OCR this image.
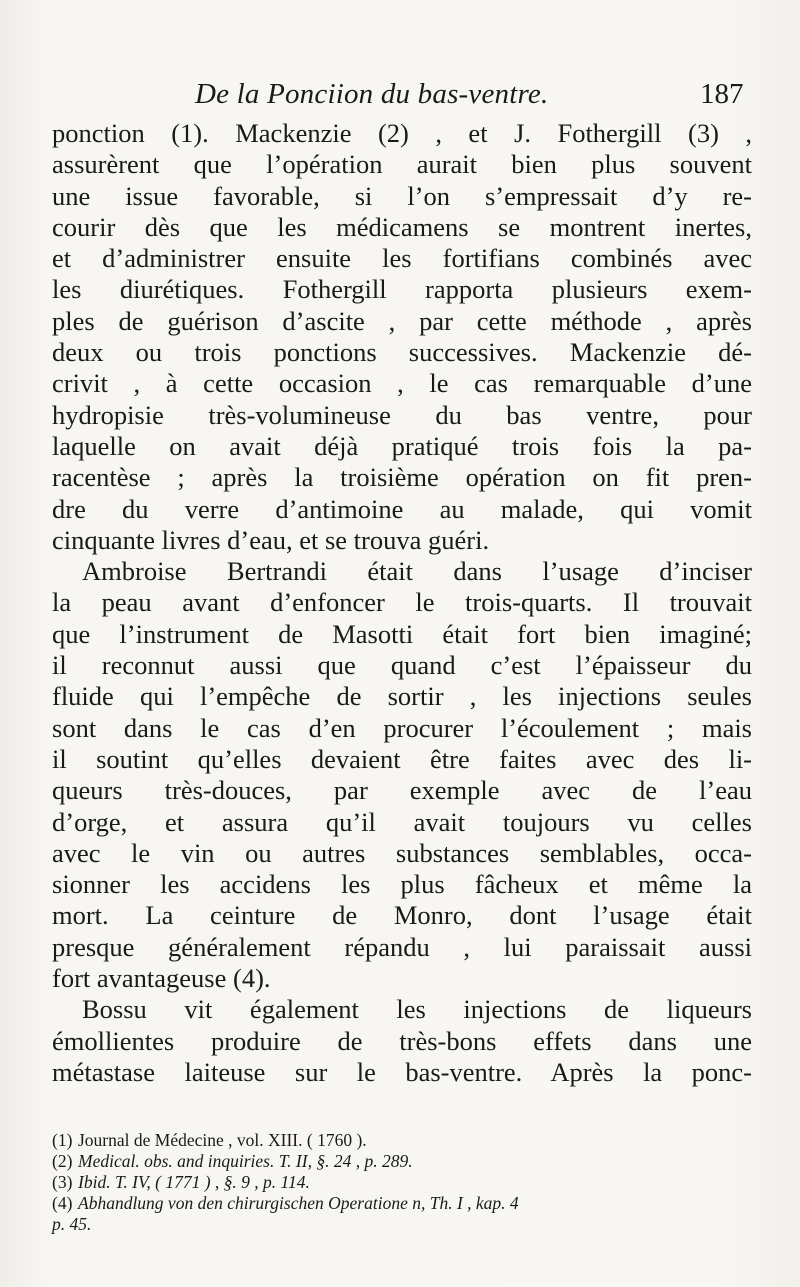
De la Ponciion du bas-ventre.	187
ponction (1). Mackenzie (2) , et J. Fothergill (3) ,
assurèrent que l’opération aurait bien plus souvent
une issue favorable, si l’on s’empressait d’y re-
courir dès que les médicamens se montrent inertes,
et d’administrer ensuite les fortifians combinés avec
les diurétiques. Fothergill rapporta plusieurs exem-
ples de guérison d’ascite , par cette méthode , après
deux ou trois ponctions successives. Mackenzie dé-
crivit , à cette occasion , le cas remarquable d’une
hydropisie très-volumineuse du bas ventre, pour
laquelle on avait déjà pratiqué trois fois la pa-
racentèse ; après la troisième opération on fit pren-
dre du verre d’antimoine au malade, qui vomit
cinquante livres d’eau, et se trouva guéri.
Ambroise Bertrandi était dans l’usage d’inciser
la peau avant d’enfoncer le trois-quarts. Il trouvait
que l’instrument de Masotti était fort bien imaginé;
il reconnut aussi que quand c’est l’épaisseur du
fluide qui l’empêche de sortir , les injections seules
sont dans le cas d’en procurer l’écoulement ; mais
il soutint qu’elles devaient être faites avec des li-
queurs très-douces, par exemple avec de l’eau
d’orge, et assura qu’il avait toujours vu celles
avec le vin ou autres substances semblables, occa-
sionner les accidens les plus fâcheux et même la
mort. La ceinture de Monro, dont l’usage était
presque généralement répandu , lui paraissait aussi
fort avantageuse (4).
Bossu vit également les injections de liqueurs
émollientes produire de très-bons effets dans une
métastase laiteuse sur le bas-ventre. Après la ponc-
(1) Journal de Médecine , vol. XIII. ( 1760 ).
(2) Medical. obs. and inquiries. T. II, §. 24 , p. 289.
(3) Ibid. T. IV, ( 1771 ) , §. 9 , p. 114.
(4) Abhandlung von den chirurgischen Operatione n, Th. I , kap. 4
p. 45.
